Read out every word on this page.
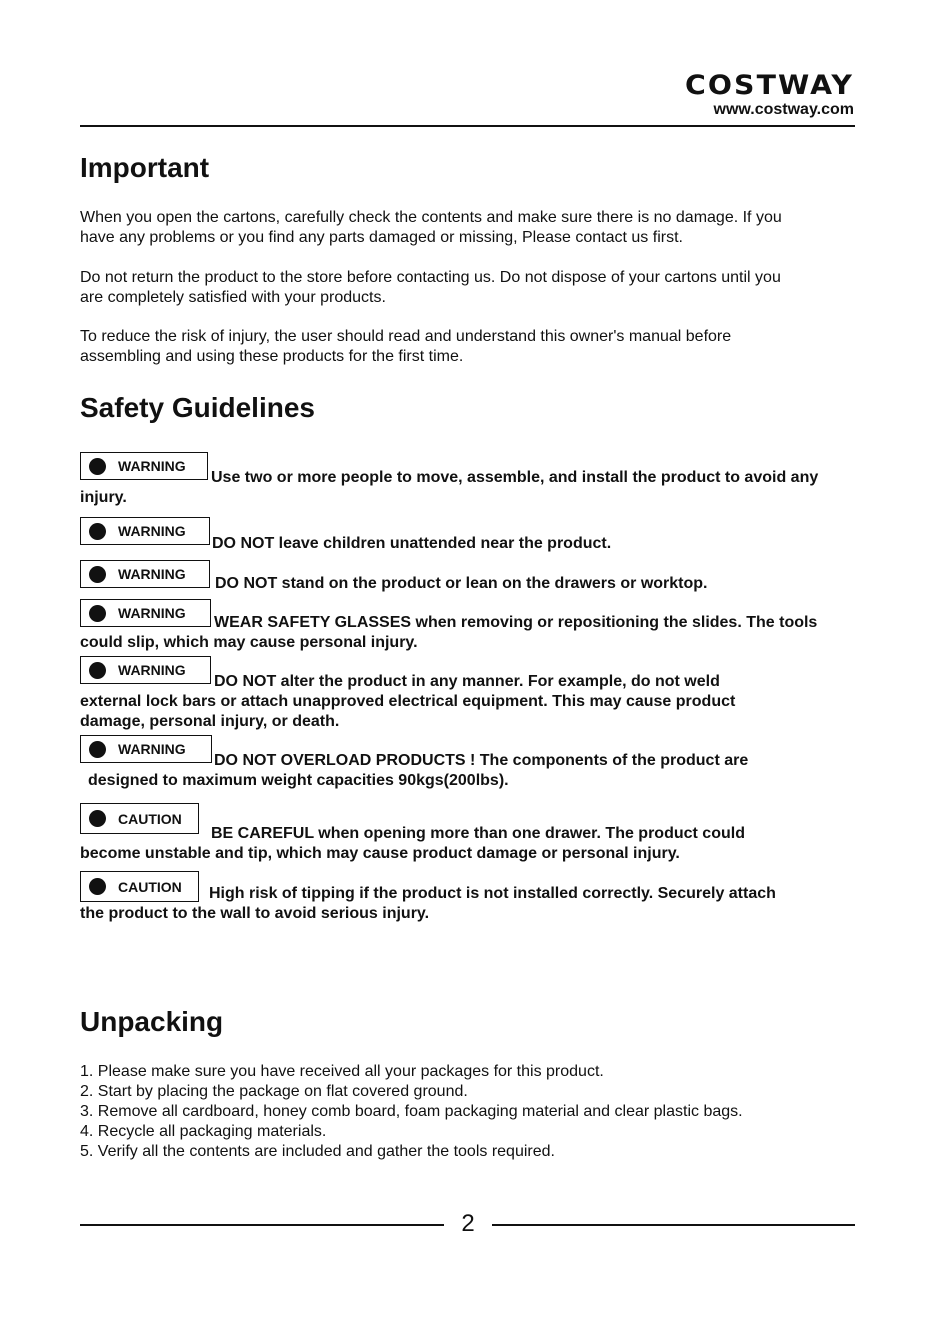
COSTWAY
www.costway.com
Important

When you open the cartons, carefully check the contents and make sure there is no damage. If you have any problems or you find any parts damaged or missing, Please contact us first.

Do not return the product to the store before contacting us. Do not dispose of your cartons until you are completely satisfied with your products.

To reduce the risk of injury, the user should read and understand this owner's manual before assembling and using these products for the first time.

Safety Guidelines
WARNING
Use two or more people to move, assemble, and install the product to avoid any injury.
WARNING
DO NOT leave children unattended near the product.
WARNING
DO NOT stand on the product or lean on the drawers or worktop.
WARNING
WEAR SAFETY GLASSES when removing or repositioning the slides. The tools could slip, which may cause personal injury.
WARNING
DO NOT alter the product in any manner. For example, do not weld external lock bars or attach unapproved electrical equipment. This may cause product damage, personal injury, or death.
WARNING
DO NOT OVERLOAD PRODUCTS ! The components of the product are designed to maximum weight capacities 90kgs(200lbs).
CAUTION
BE CAREFUL when opening more than one drawer. The product could become unstable and tip, which may cause product damage or personal injury.
CAUTION	High risk of tipping if the product is not installed correctly. Securely attach the product to the wall to avoid serious injury.
Unpacking
1. Please make sure you have received all your packages for this product.
2. Start by placing the package on flat covered ground.
3. Remove all cardboard, honey comb board, foam packaging material and clear plastic bags.
4. Recycle all packaging materials.
5. Verify all the contents are included and gather the tools required.
2
